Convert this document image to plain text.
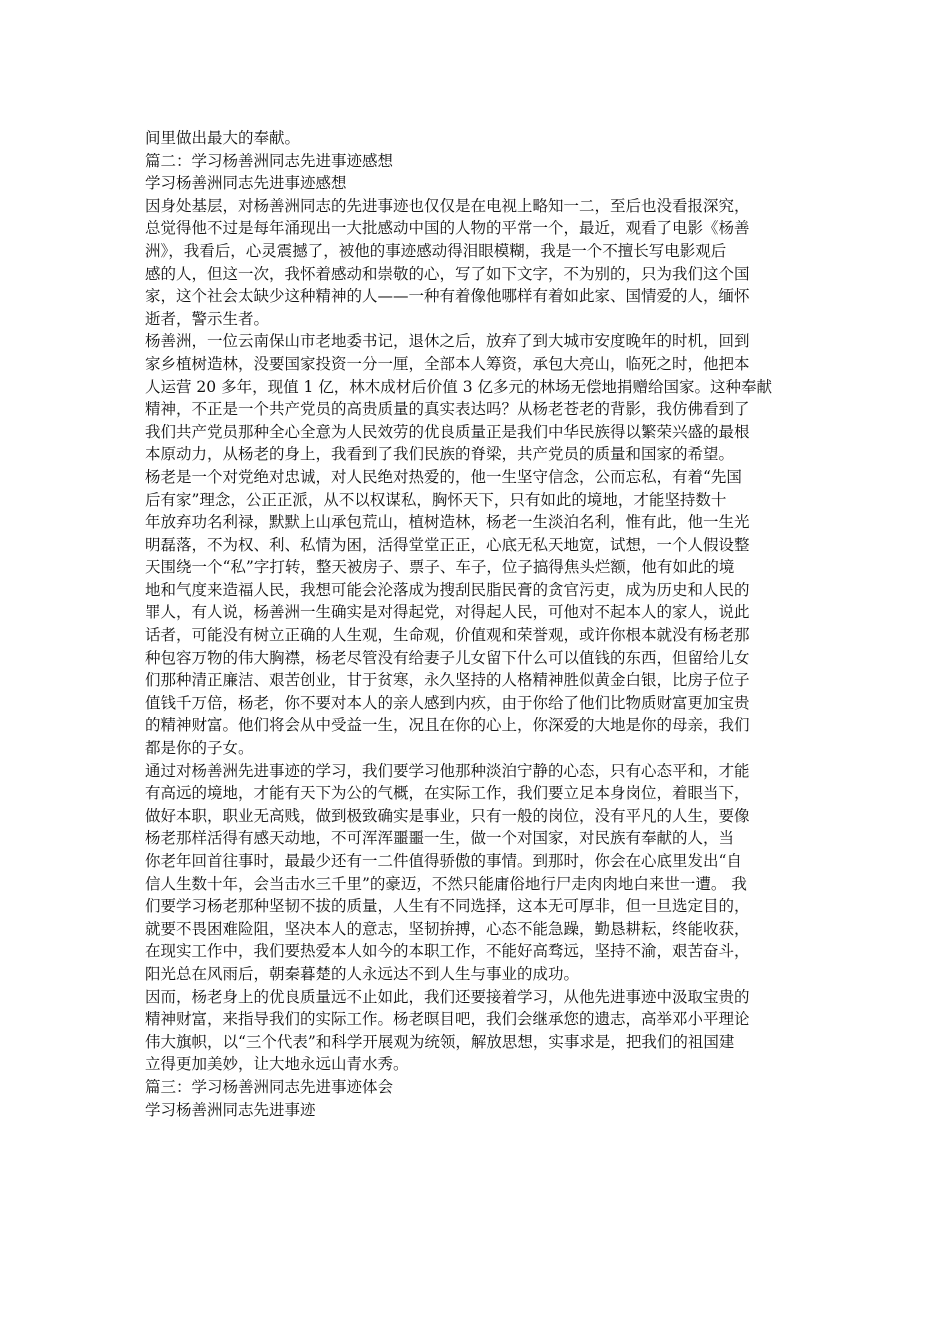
间里做出最大的奉献。

篇二：学习杨善洲同志先进事迹感想

学习杨善洲同志先进事迹感想

因身处基层，对杨善洲同志的先进事迹也仅仅是在电视上略知一二，至后也没看报深究，
总觉得他不过是每年涌现出一大批感动中国的人物的平常一个，最近，观看了电影《杨善
洲》，我看后，心灵震撼了，被他的事迹感动得泪眼模糊，我是一个不擅长写电影观后
感的人，但这一次，我怀着感动和崇敬的心，写了如下文字，不为别的，只为我们这个国
家，这个社会太缺少这种精神的人——一种有着像他哪样有着如此家、国情爱的人，缅怀
逝者，警示生者。

杨善洲，一位云南保山市老地委书记，退休之后，放弃了到大城市安度晚年的时机，回到
家乡植树造林，没要国家投资一分一厘，全部本人筹资，承包大亮山，临死之时，他把本
人运营 20 多年，现值 1 亿，林木成材后价值 3 亿多元的林场无偿地捐赠给国家。这种奉献
精神，不正是一个共产党员的高贵质量的真实表达吗？从杨老苍老的背影，我仿佛看到了
我们共产党员那种全心全意为人民效劳的优良质量正是我们中华民族得以繁荣兴盛的最根
本原动力，从杨老的身上，我看到了我们民族的脊梁，共产党员的质量和国家的希望。

杨老是一个对党绝对忠诚，对人民绝对热爱的，他一生坚守信念，公而忘私，有着“先国
后有家”理念，公正正派，从不以权谋私，胸怀天下，只有如此的境地，才能坚持数十
年放弃功名利禄，默默上山承包荒山，植树造林，杨老一生淡泊名利，惟有此，他一生光
明磊落，不为权、利、私情为困，活得堂堂正正，心底无私天地宽，试想，一个人假设整
天围绕一个“私”字打转，整天被房子、票子、车子，位子搞得焦头烂额，他有如此的境
地和气度来造福人民，我想可能会沦落成为搜刮民脂民膏的贪官污吏，成为历史和人民的
罪人，有人说，杨善洲一生确实是对得起党，对得起人民，可他对不起本人的家人，说此
话者，可能没有树立正确的人生观，生命观，价值观和荣誉观，或许你根本就没有杨老那
种包容万物的伟大胸襟，杨老尽管没有给妻子儿女留下什么可以值钱的东西，但留给儿女
们那种清正廉洁、艰苦创业，甘于贫寒，永久坚持的人格精神胜似黄金白银，比房子位子
值钱千万倍，杨老，你不要对本人的亲人感到内疚，由于你给了他们比物质财富更加宝贵
的精神财富。他们将会从中受益一生，况且在你的心上，你深爱的大地是你的母亲，我们
都是你的子女。

通过对杨善洲先进事迹的学习，我们要学习他那种淡泊宁静的心态，只有心态平和，才能
有高远的境地，才能有天下为公的气概，在实际工作，我们要立足本身岗位，着眼当下，
做好本职，职业无高贱，做到极致确实是事业，只有一般的岗位，没有平凡的人生，要像
杨老那样活得有感天动地，不可浑浑噩噩一生，做一个对国家，对民族有奉献的人，当
你老年回首往事时，最最少还有一二件值得骄傲的事情。到那时，你会在心底里发出“自
信人生数十年，会当击水三千里”的豪迈，不然只能庸俗地行尸走肉肉地白来世一遭。 我
们要学习杨老那种坚韧不拔的质量，人生有不同选择，这本无可厚非，但一旦选定目的，
就要不畏困难险阻，坚决本人的意志，坚韧拚搏，心态不能急躁，勤恳耕耘，终能收获，
在现实工作中，我们要热爱本人如今的本职工作，不能好高骛远，坚持不渝，艰苦奋斗，
阳光总在风雨后，朝秦暮楚的人永远达不到人生与事业的成功。

因而，杨老身上的优良质量远不止如此，我们还要接着学习，从他先进事迹中汲取宝贵的
精神财富，来指导我们的实际工作。杨老暝目吧，我们会继承您的遗志，高举邓小平理论
伟大旗帜，以“三个代表”和科学开展观为统领，解放思想，实事求是，把我们的祖国建
立得更加美妙，让大地永远山青水秀。

篇三：学习杨善洲同志先进事迹体会

学习杨善洲同志先进事迹
